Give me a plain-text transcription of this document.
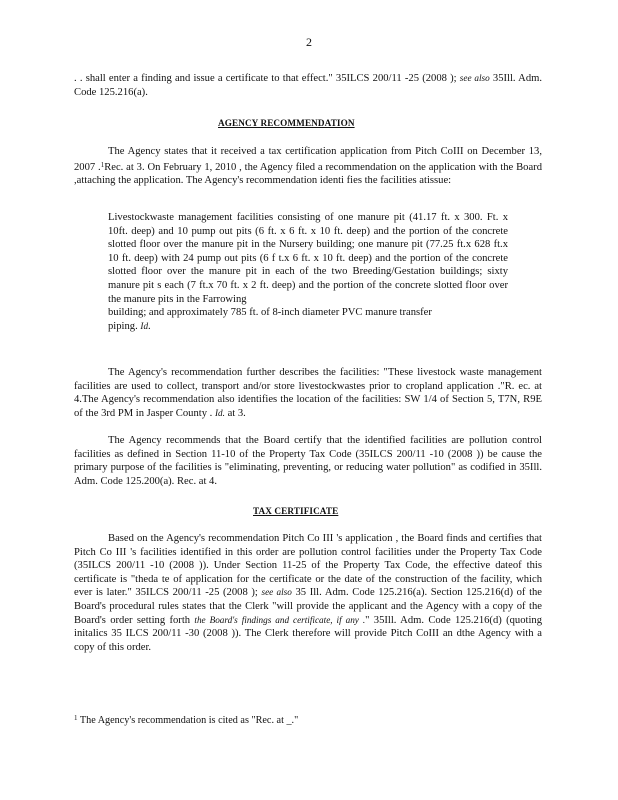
2

. . shall enter a finding and issue a certificate to that effect." 35ILCS 200/11 -25 (2008 ); see also 35Ill. Adm. Code 125.216(a).

AGENCY RECOMMENDATION

The Agency states that it received a tax certification application from Pitch CoIII on December 13, 2007 .$^1$Rec. at 3. On February 1, 2010 , the Agency filed a recommendation on the application with the Board ,attaching the application. The Agency's recommendation identi fies the facilities atissue:

Livestockwaste management facilities consisting of one manure pit (41.17 ft. x 300. Ft. x 10ft. deep) and 10 pump out pits (6 ft. x 6 ft. x 10 ft. deep) and the portion of the concrete slotted floor over the manure pit in the Nursery building; one manure pit (77.25 ft.x 628 ft.x 10 ft. deep) with 24 pump out pits (6 f t.x 6 ft. x 10 ft. deep) and the portion of the concrete slotted floor over the manure pit in each of the two Breeding/Gestation buildings; sixty manure pit s each (7 ft.x 70 ft. x 2 ft. deep) and the portion of the concrete slotted floor over the manure pits in the Farrowing

building; and approximately 785 ft. of 8-inch diameter PVC manure transfer

piping. Id.

The Agency's recommendation further describes the facilities: "These livestock waste management facilities are used to collect, transport and/or store livestockwastes prior to cropland application ."R. ec. at 4.The Agency's recommendation also identifies the location of the facilities: SW 1/4 of Section 5, T7N, R9E of the 3rd PM in Jasper County . Id. at 3.

The Agency recommends that the Board certify that the identified facilities are pollution control facilities as defined in Section 11-10 of the Property Tax Code (35ILCS 200/11 -10 (2008 )) be cause the primary purpose of the facilities is "eliminating, preventing, or reducing water pollution" as codified in 35Ill. Adm. Code 125.200(a). Rec. at 4.

TAX CERTIFICATE

Based on the Agency's recommendation Pitch Co III 's application , the Board finds and certifies that Pitch Co III 's facilities identified in this order are pollution control facilities under the Property Tax Code (35ILCS 200/11 -10 (2008 )). Under Section 11-25 of the Property Tax Code, the effective dateof this certificate is "theda te of application for the certificate or the date of the construction of the facility, which ever is later." 35ILCS 200/11 -25 (2008 ); see also 35 Ill. Adm. Code 125.216(a). Section 125.216(d) of the Board's procedural rules states that the Clerk "will provide the applicant and the Agency with a copy of the Board's order setting forth the Board's findings and certificate, if any ." 35Ill. Adm. Code 125.216(d) (quoting initalics 35 ILCS 200/11 -30 (2008 )). The Clerk therefore will provide Pitch CoIII an dthe Agency with a copy of this order.

$^1$ The Agency's recommendation is cited as "Rec. at _."
